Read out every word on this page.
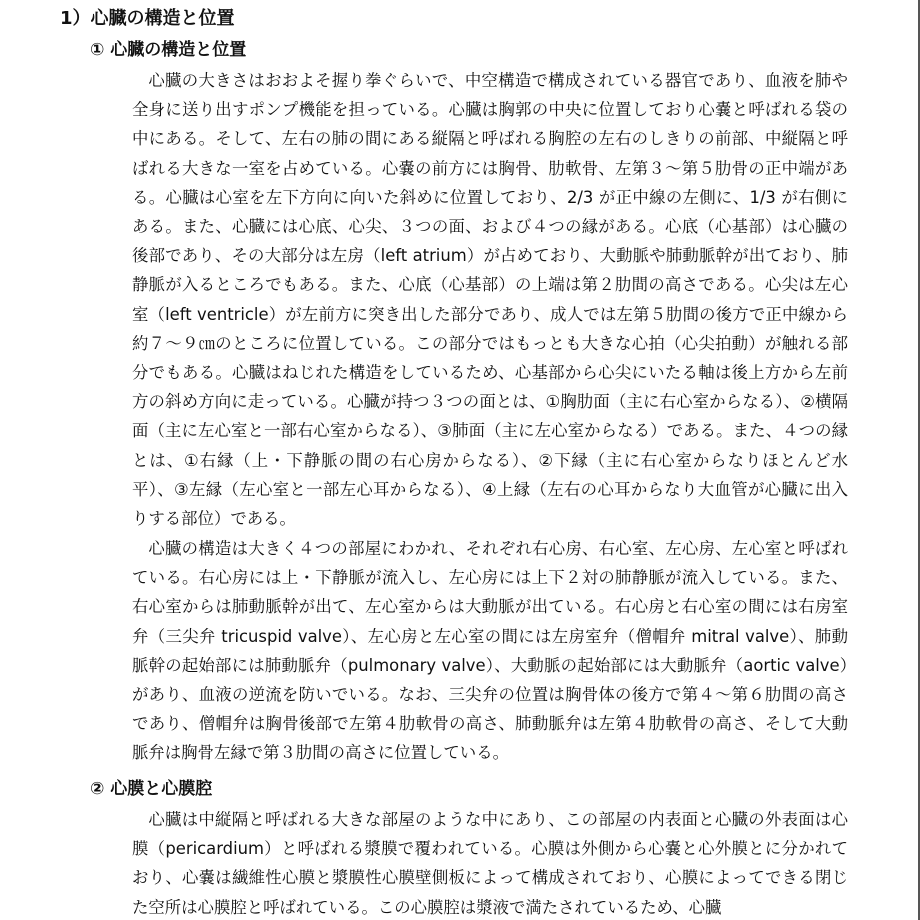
1）心臓の構造と位置
① 心臓の構造と位置

心臓の大きさはおおよそ握り拳ぐらいで、中空構造で構成されている器官であり、血液を肺や全身に送り出すポンプ機能を担っている。心臓は胸郭の中央に位置しており心嚢と呼ばれる袋の中にある。そして、左右の肺の間にある縦隔と呼ばれる胸腔の左右のしきりの前部、中縦隔と呼ばれる大きな一室を占めている。心嚢の前方には胸骨、肋軟骨、左第３～第５肋骨の正中端がある。心臓は心室を左下方向に向いた斜めに位置しており、2/3 が正中線の左側に、1/3 が右側にある。また、心臓には心底、心尖、３つの面、および４つの縁がある。心底（心基部）は心臓の後部であり、その大部分は左房（left atrium）が占めており、大動脈や肺動脈幹が出ており、肺静脈が入るところでもある。また、心底（心基部）の上端は第２肋間の高さである。心尖は左心室（left ventricle）が左前方に突き出した部分であり、成人では左第５肋間の後方で正中線から約７～９㎝のところに位置している。この部分ではもっとも大きな心拍（心尖拍動）が触れる部分でもある。心臓はねじれた構造をしているため、心基部から心尖にいたる軸は後上方から左前方の斜め方向に走っている。心臓が持つ３つの面とは、①胸肋面（主に右心室からなる）、②横隔面（主に左心室と一部右心室からなる）、③肺面（主に左心室からなる）である。また、４つの縁とは、①右縁（上・下静脈の間の右心房からなる）、②下縁（主に右心室からなりほとんど水平）、③左縁（左心室と一部左心耳からなる）、④上縁（左右の心耳からなり大血管が心臓に出入りする部位）である。

心臓の構造は大きく４つの部屋にわかれ、それぞれ右心房、右心室、左心房、左心室と呼ばれている。右心房には上・下静脈が流入し、左心房には上下２対の肺静脈が流入している。また、右心室からは肺動脈幹が出て、左心室からは大動脈が出ている。右心房と右心室の間には右房室弁（三尖弁 tricuspid valve）、左心房と左心室の間には左房室弁（僧帽弁 mitral valve）、肺動脈幹の起始部には肺動脈弁（pulmonary valve）、大動脈の起始部には大動脈弁（aortic valve）があり、血液の逆流を防いでいる。なお、三尖弁の位置は胸骨体の後方で第４～第６肋間の高さであり、僧帽弁は胸骨後部で左第４肋軟骨の高さ、肺動脈弁は左第４肋軟骨の高さ、そして大動脈弁は胸骨左縁で第３肋間の高さに位置している。

② 心膜と心膜腔

心臓は中縦隔と呼ばれる大きな部屋のような中にあり、この部屋の内表面と心臓の外表面は心膜（pericardium）と呼ばれる漿膜で覆われている。心膜は外側から心嚢と心外膜とに分かれており、心嚢は繊維性心膜と漿膜性心膜壁側板によって構成されており、心膜によってできる閉じた空所は心膜腔と呼ばれている。この心膜腔は漿液で満たされているため、心臓
